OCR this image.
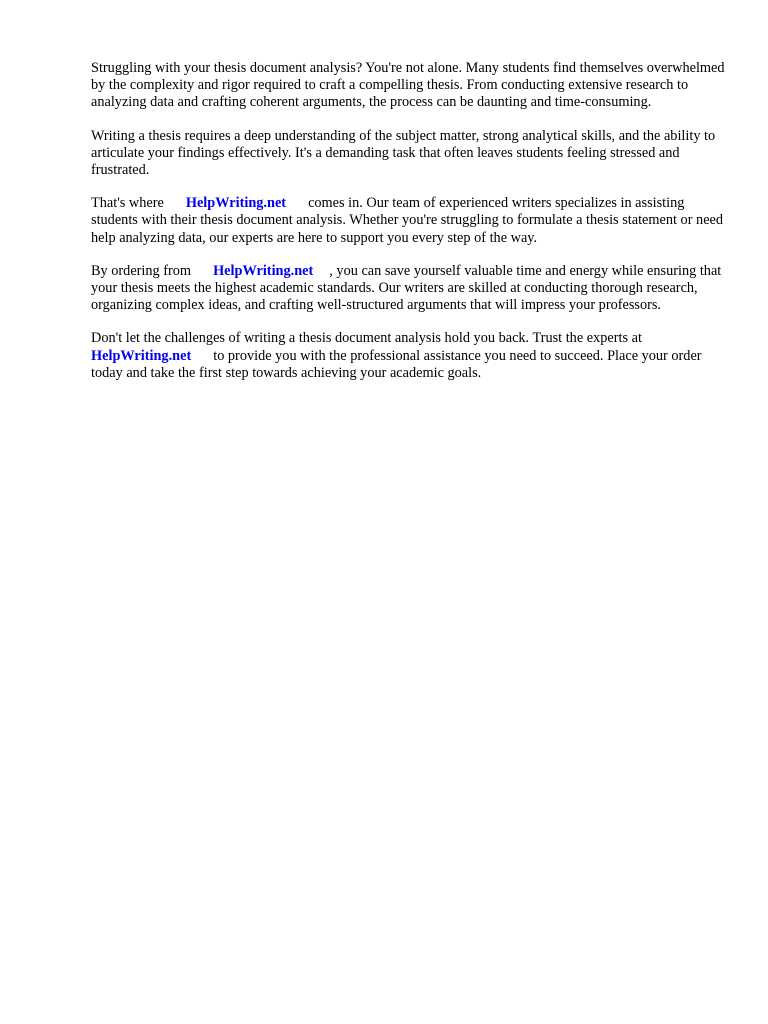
Struggling with your thesis document analysis? You're not alone. Many students find themselves overwhelmed by the complexity and rigor required to craft a compelling thesis. From conducting extensive research to analyzing data and crafting coherent arguments, the process can be daunting and time-consuming.

Writing a thesis requires a deep understanding of the subject matter, strong analytical skills, and the ability to articulate your findings effectively. It's a demanding task that often leaves students feeling stressed and frustrated.

That's where HelpWriting.net comes in. Our team of experienced writers specializes in assisting students with their thesis document analysis. Whether you're struggling to formulate a thesis statement or need help analyzing data, our experts are here to support you every step of the way.

By ordering from HelpWriting.net , you can save yourself valuable time and energy while ensuring that your thesis meets the highest academic standards. Our writers are skilled at conducting thorough research, organizing complex ideas, and crafting well-structured arguments that will impress your professors.

Don't let the challenges of writing a thesis document analysis hold you back. Trust the experts at HelpWriting.net to provide you with the professional assistance you need to succeed. Place your order today and take the first step towards achieving your academic goals.
